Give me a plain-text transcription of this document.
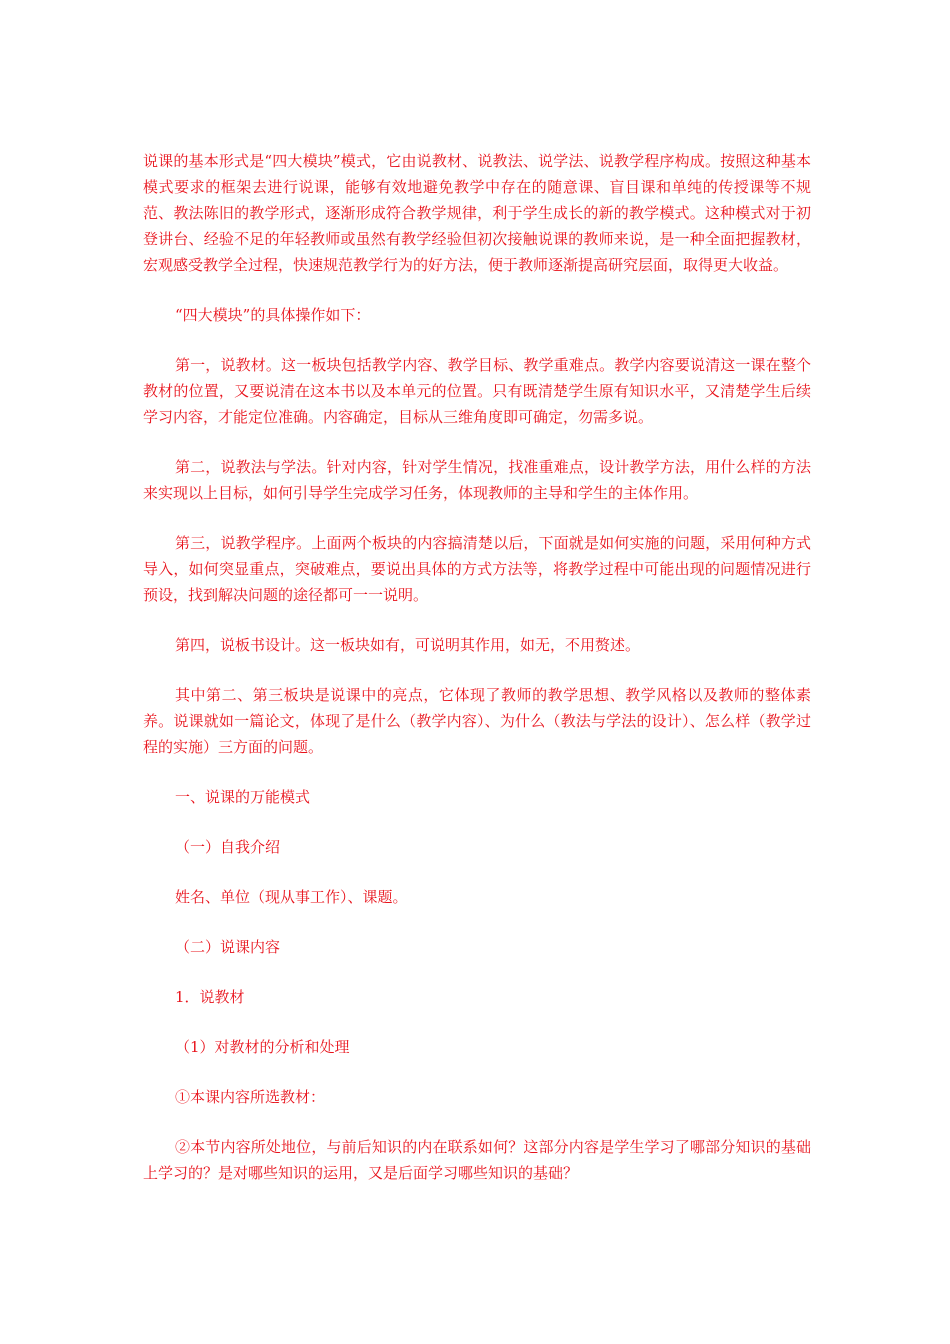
说课的基本形式是“四大模块”模式，它由说教材、说教法、说学法、说教学程序构成。按照这种基本模式要求的框架去进行说课，能够有效地避免教学中存在的随意课、盲目课和单纯的传授课等不规范、教法陈旧的教学形式，逐渐形成符合教学规律，利于学生成长的新的教学模式。这种模式对于初登讲台、经验不足的年轻教师或虽然有教学经验但初次接触说课的教师来说，是一种全面把握教材，宏观感受教学全过程，快速规范教学行为的好方法，便于教师逐渐提高研究层面，取得更大收益。

“四大模块”的具体操作如下：

第一，说教材。这一板块包括教学内容、教学目标、教学重难点。教学内容要说清这一课在整个教材的位置，又要说清在这本书以及本单元的位置。只有既清楚学生原有知识水平，又清楚学生后续学习内容，才能定位准确。内容确定，目标从三维角度即可确定，勿需多说。

第二，说教法与学法。针对内容，针对学生情况，找准重难点，设计教学方法，用什么样的方法来实现以上目标，如何引导学生完成学习任务，体现教师的主导和学生的主体作用。

第三，说教学程序。上面两个板块的内容搞清楚以后，下面就是如何实施的问题，采用何种方式导入，如何突显重点，突破难点，要说出具体的方式方法等，将教学过程中可能出现的问题情况进行预设，找到解决问题的途径都可一一说明。

第四，说板书设计。这一板块如有，可说明其作用，如无，不用赘述。

其中第二、第三板块是说课中的亮点，它体现了教师的教学思想、教学风格以及教师的整体素养。说课就如一篇论文，体现了是什么（教学内容）、为什么（教法与学法的设计）、怎么样（教学过程的实施）三方面的问题。

一、说课的万能模式

（一）自我介绍

姓名、单位（现从事工作）、课题。

（二）说课内容

1．说教材

（1）对教材的分析和处理

①本课内容所选教材：

②本节内容所处地位，与前后知识的内在联系如何？这部分内容是学生学习了哪部分知识的基础上学习的？是对哪些知识的运用，又是后面学习哪些知识的基础？
